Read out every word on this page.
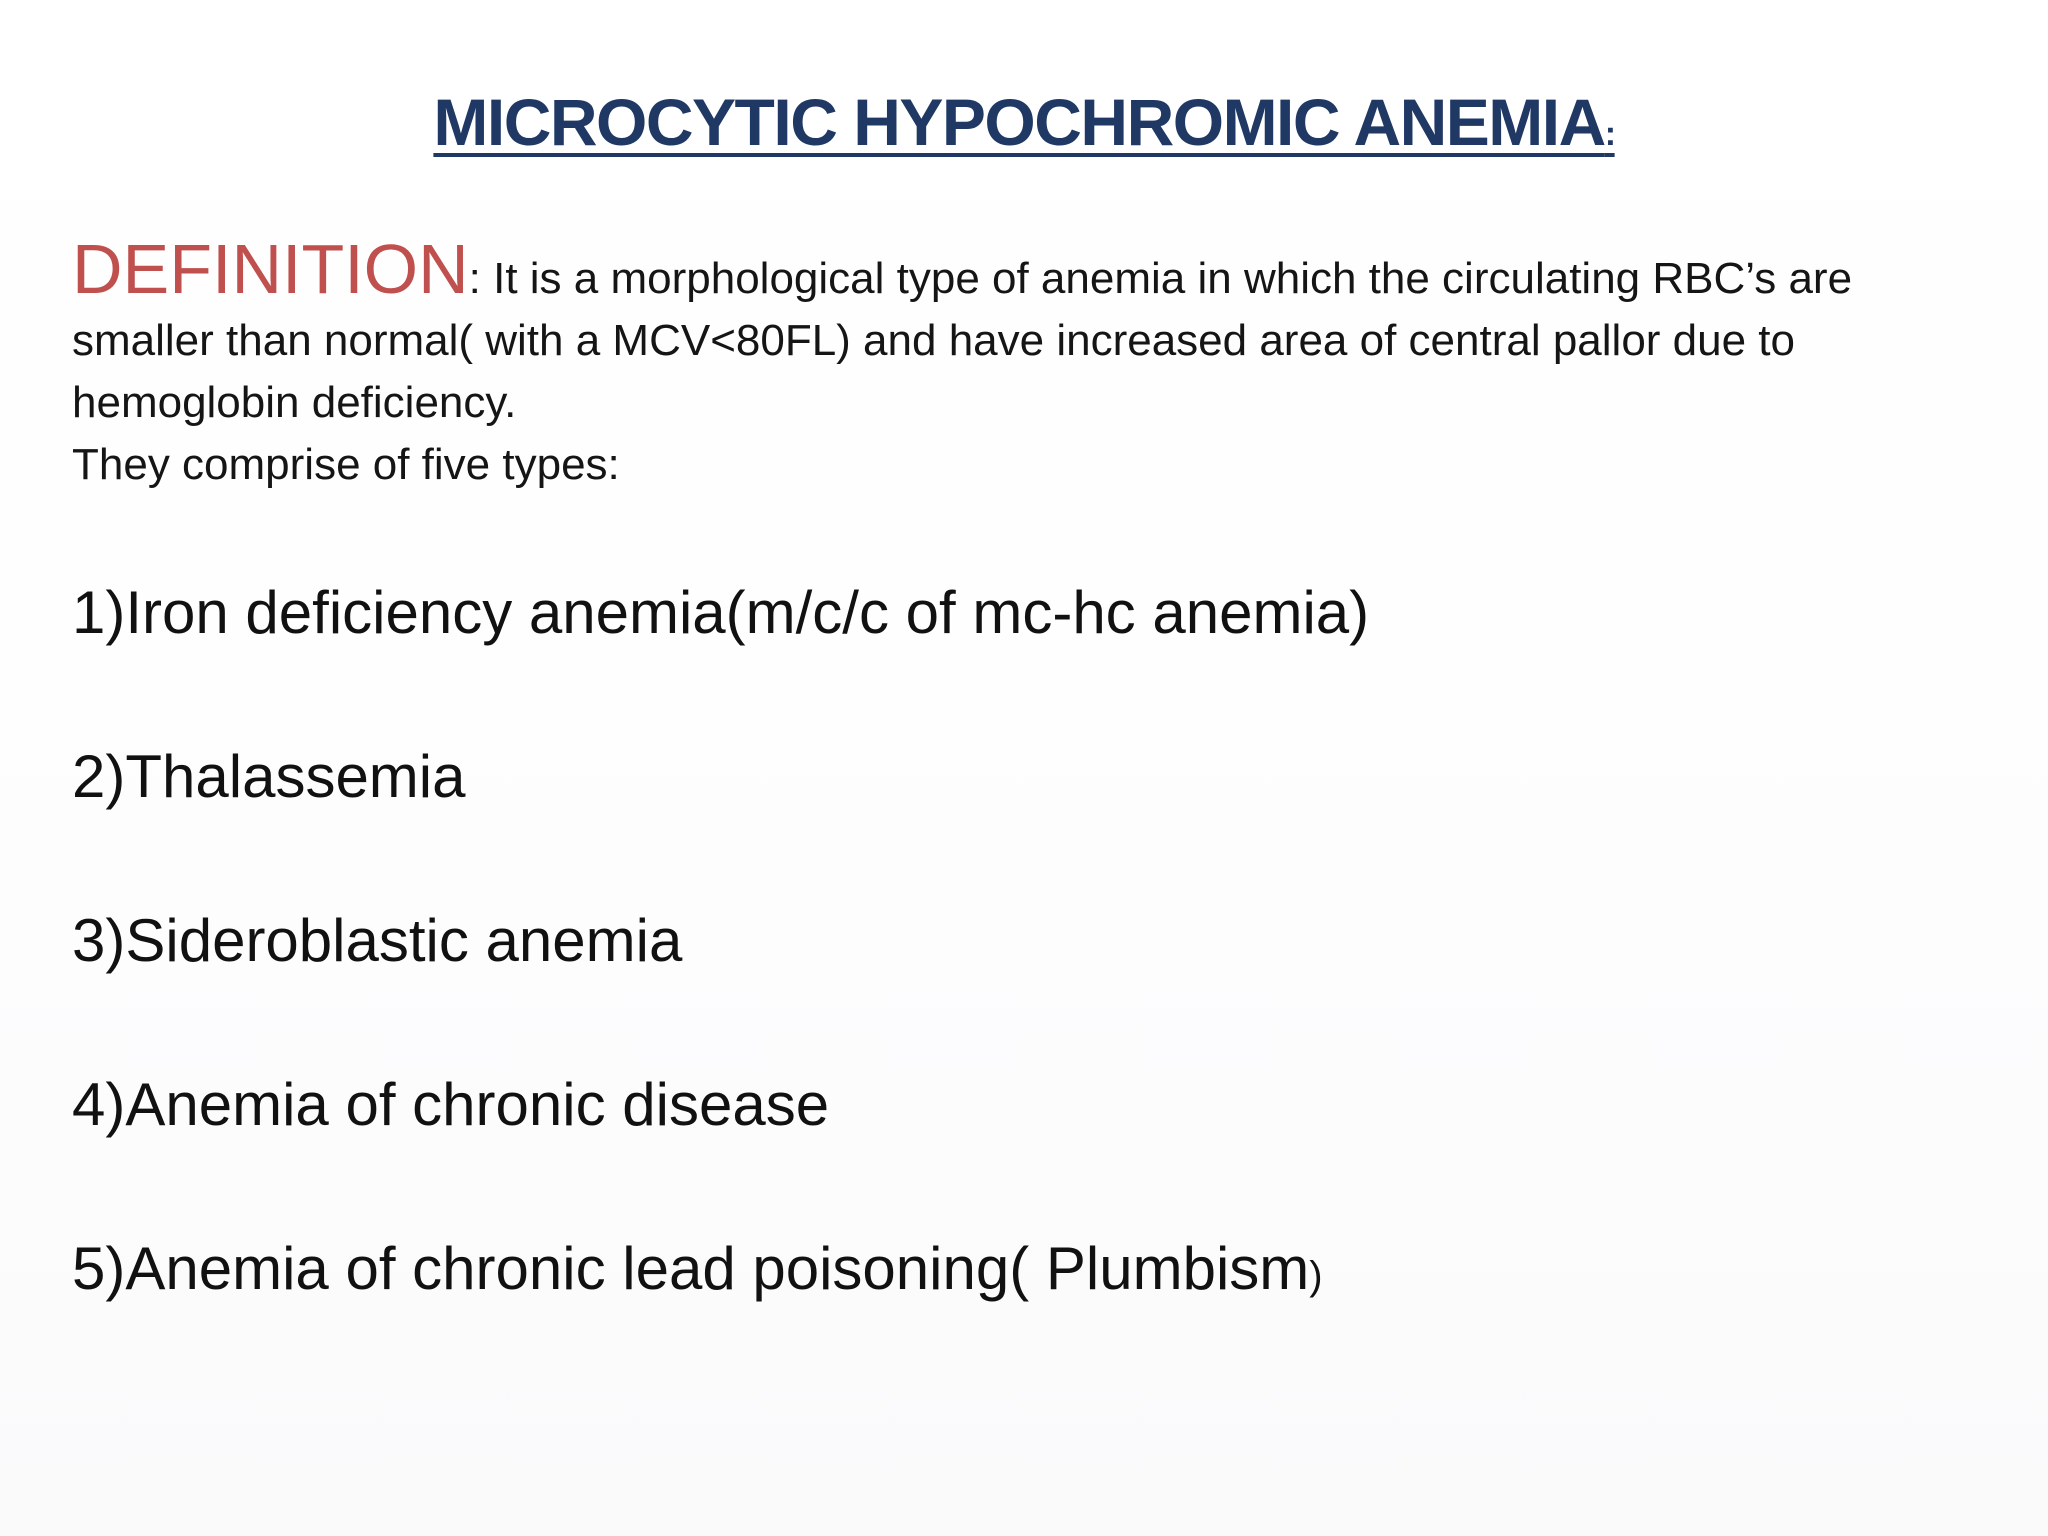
MICROCYTIC HYPOCHROMIC ANEMIA:

DEFINITION: It is a morphological type of anemia in which the circulating RBC’s are smaller than normal( with a MCV<80FL) and have increased area of central pallor due to hemoglobin deficiency.
They comprise of five types:

1)Iron deficiency anemia(m/c/c of mc-hc anemia)
2)Thalassemia
3)Sideroblastic anemia
4)Anemia of chronic disease
5)Anemia of chronic lead poisoning( Plumbism)
